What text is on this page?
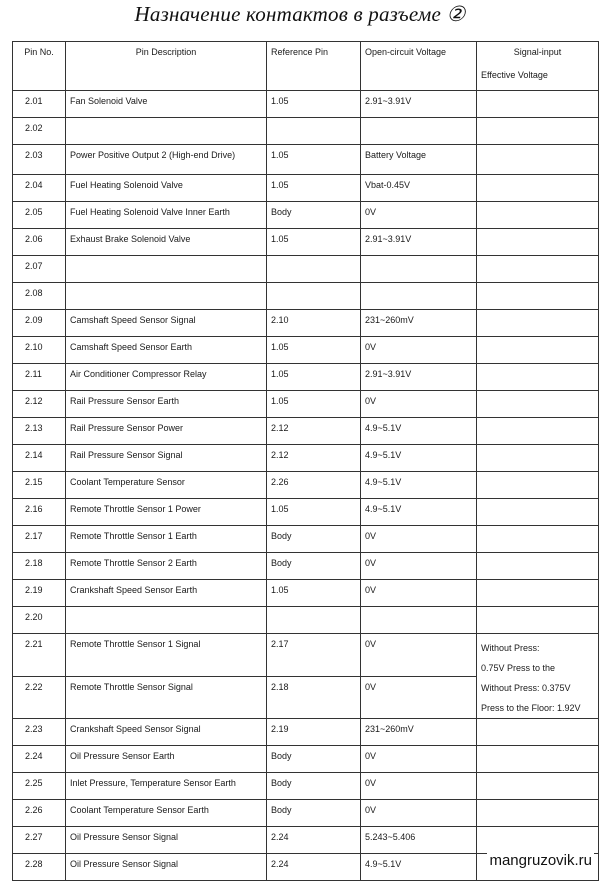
Назначение контактов в разъеме ②
Pin No.	Pin Description	Reference Pin	Open-circuit Voltage	Signal-input
Effective Voltage

2.01	Fan Solenoid Valve	1.05	2.91~3.91V	
2.02				
2.03	Power Positive Output 2 (High-end Drive)	1.05	Battery Voltage	
2.04	Fuel Heating Solenoid Valve	1.05	Vbat-0.45V	
2.05	Fuel Heating Solenoid Valve Inner Earth	Body	0V	
2.06	Exhaust Brake Solenoid Valve	1.05	2.91~3.91V	
2.07				
2.08				
2.09	Camshaft Speed Sensor Signal	2.10	231~260mV	
2.10	Camshaft Speed Sensor Earth	1.05	0V	
2.11	Air Conditioner Compressor Relay	1.05	2.91~3.91V	
2.12	Rail Pressure Sensor Earth	1.05	0V	
2.13	Rail Pressure Sensor Power	2.12	4.9~5.1V	
2.14	Rail Pressure Sensor Signal	2.12	4.9~5.1V	
2.15	Coolant Temperature Sensor	2.26	4.9~5.1V	
2.16	Remote Throttle Sensor 1 Power	1.05	4.9~5.1V	
2.17	Remote Throttle Sensor 1 Earth	Body	0V	
2.18	Remote Throttle Sensor 2 Earth	Body	0V	
2.19	Crankshaft Speed Sensor Earth	1.05	0V	
2.20				
2.21	Remote Throttle Sensor 1 Signal	2.17	0V	Without Press:
0.75V Press to the
Without Press: 0.375V
Press to the Floor: 1.92V

2.22	Remote Throttle Sensor Signal	2.18	0V	
2.23	Crankshaft Speed Sensor Signal	2.19	231~260mV	
2.24	Oil Pressure Sensor Earth	Body	0V	
2.25	Inlet Pressure, Temperature Sensor Earth	Body	0V	
2.26	Coolant Temperature Sensor Earth	Body	0V	
2.27	Oil Pressure Sensor Signal	2.24	5.243~5.406	
2.28	Oil Pressure Sensor Signal	2.24	4.9~5.1V		mangruzovik.ru
